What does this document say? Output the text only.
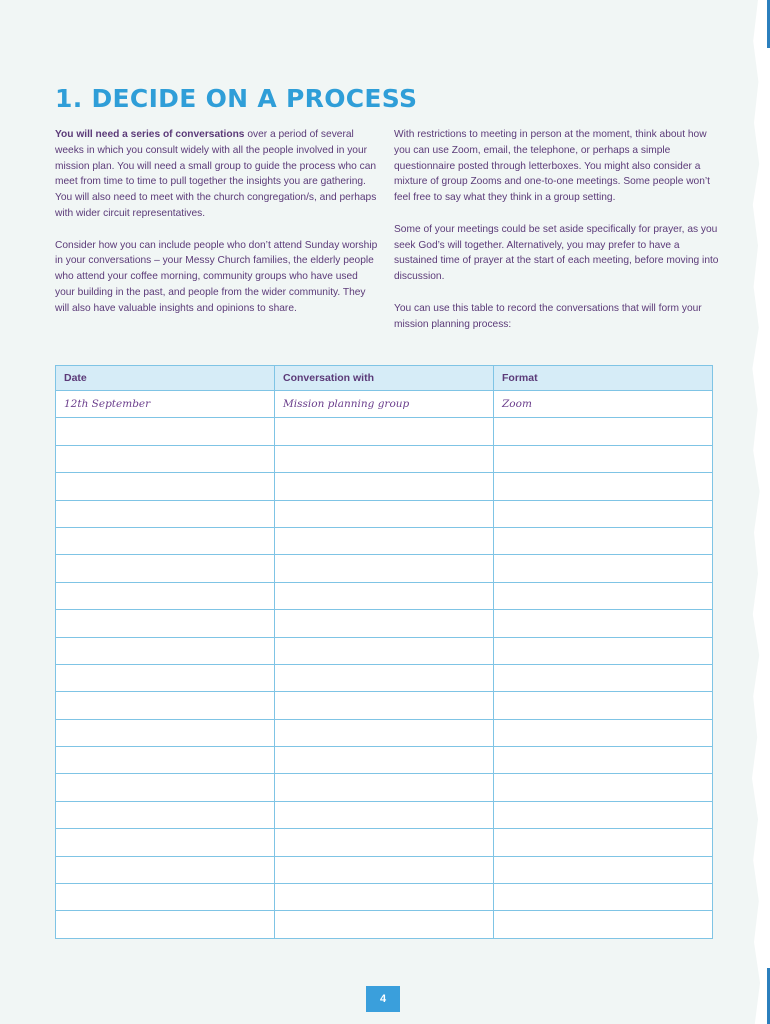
1. DECIDE ON A PROCESS

You will need a series of conversations over a period of several weeks in which you consult widely with all the people involved in your mission plan. You will need a small group to guide the process who can meet from time to time to pull together the insights you are gathering. You will also need to meet with the church congregation/s, and perhaps with wider circuit representatives.

Consider how you can include people who don’t attend Sunday worship in your conversations – your Messy Church families, the elderly people who attend your coffee morning, community groups who have used your building in the past, and people from the wider community. They will also have valuable insights and opinions to share.

With restrictions to meeting in person at the moment, think about how you can use Zoom, email, the telephone, or perhaps a simple questionnaire posted through letterboxes. You might also consider a mixture of group Zooms and one-to-one meetings. Some people won’t feel free to say what they think in a group setting.

Some of your meetings could be set aside specifically for prayer, as you seek God’s will together. Alternatively, you may prefer to have a sustained time of prayer at the start of each meeting, before moving into discussion.

You can use this table to record the conversations that will form your mission planning process:

Date	Conversation with	Format
12th September	Mission planning group	Zoom

4
